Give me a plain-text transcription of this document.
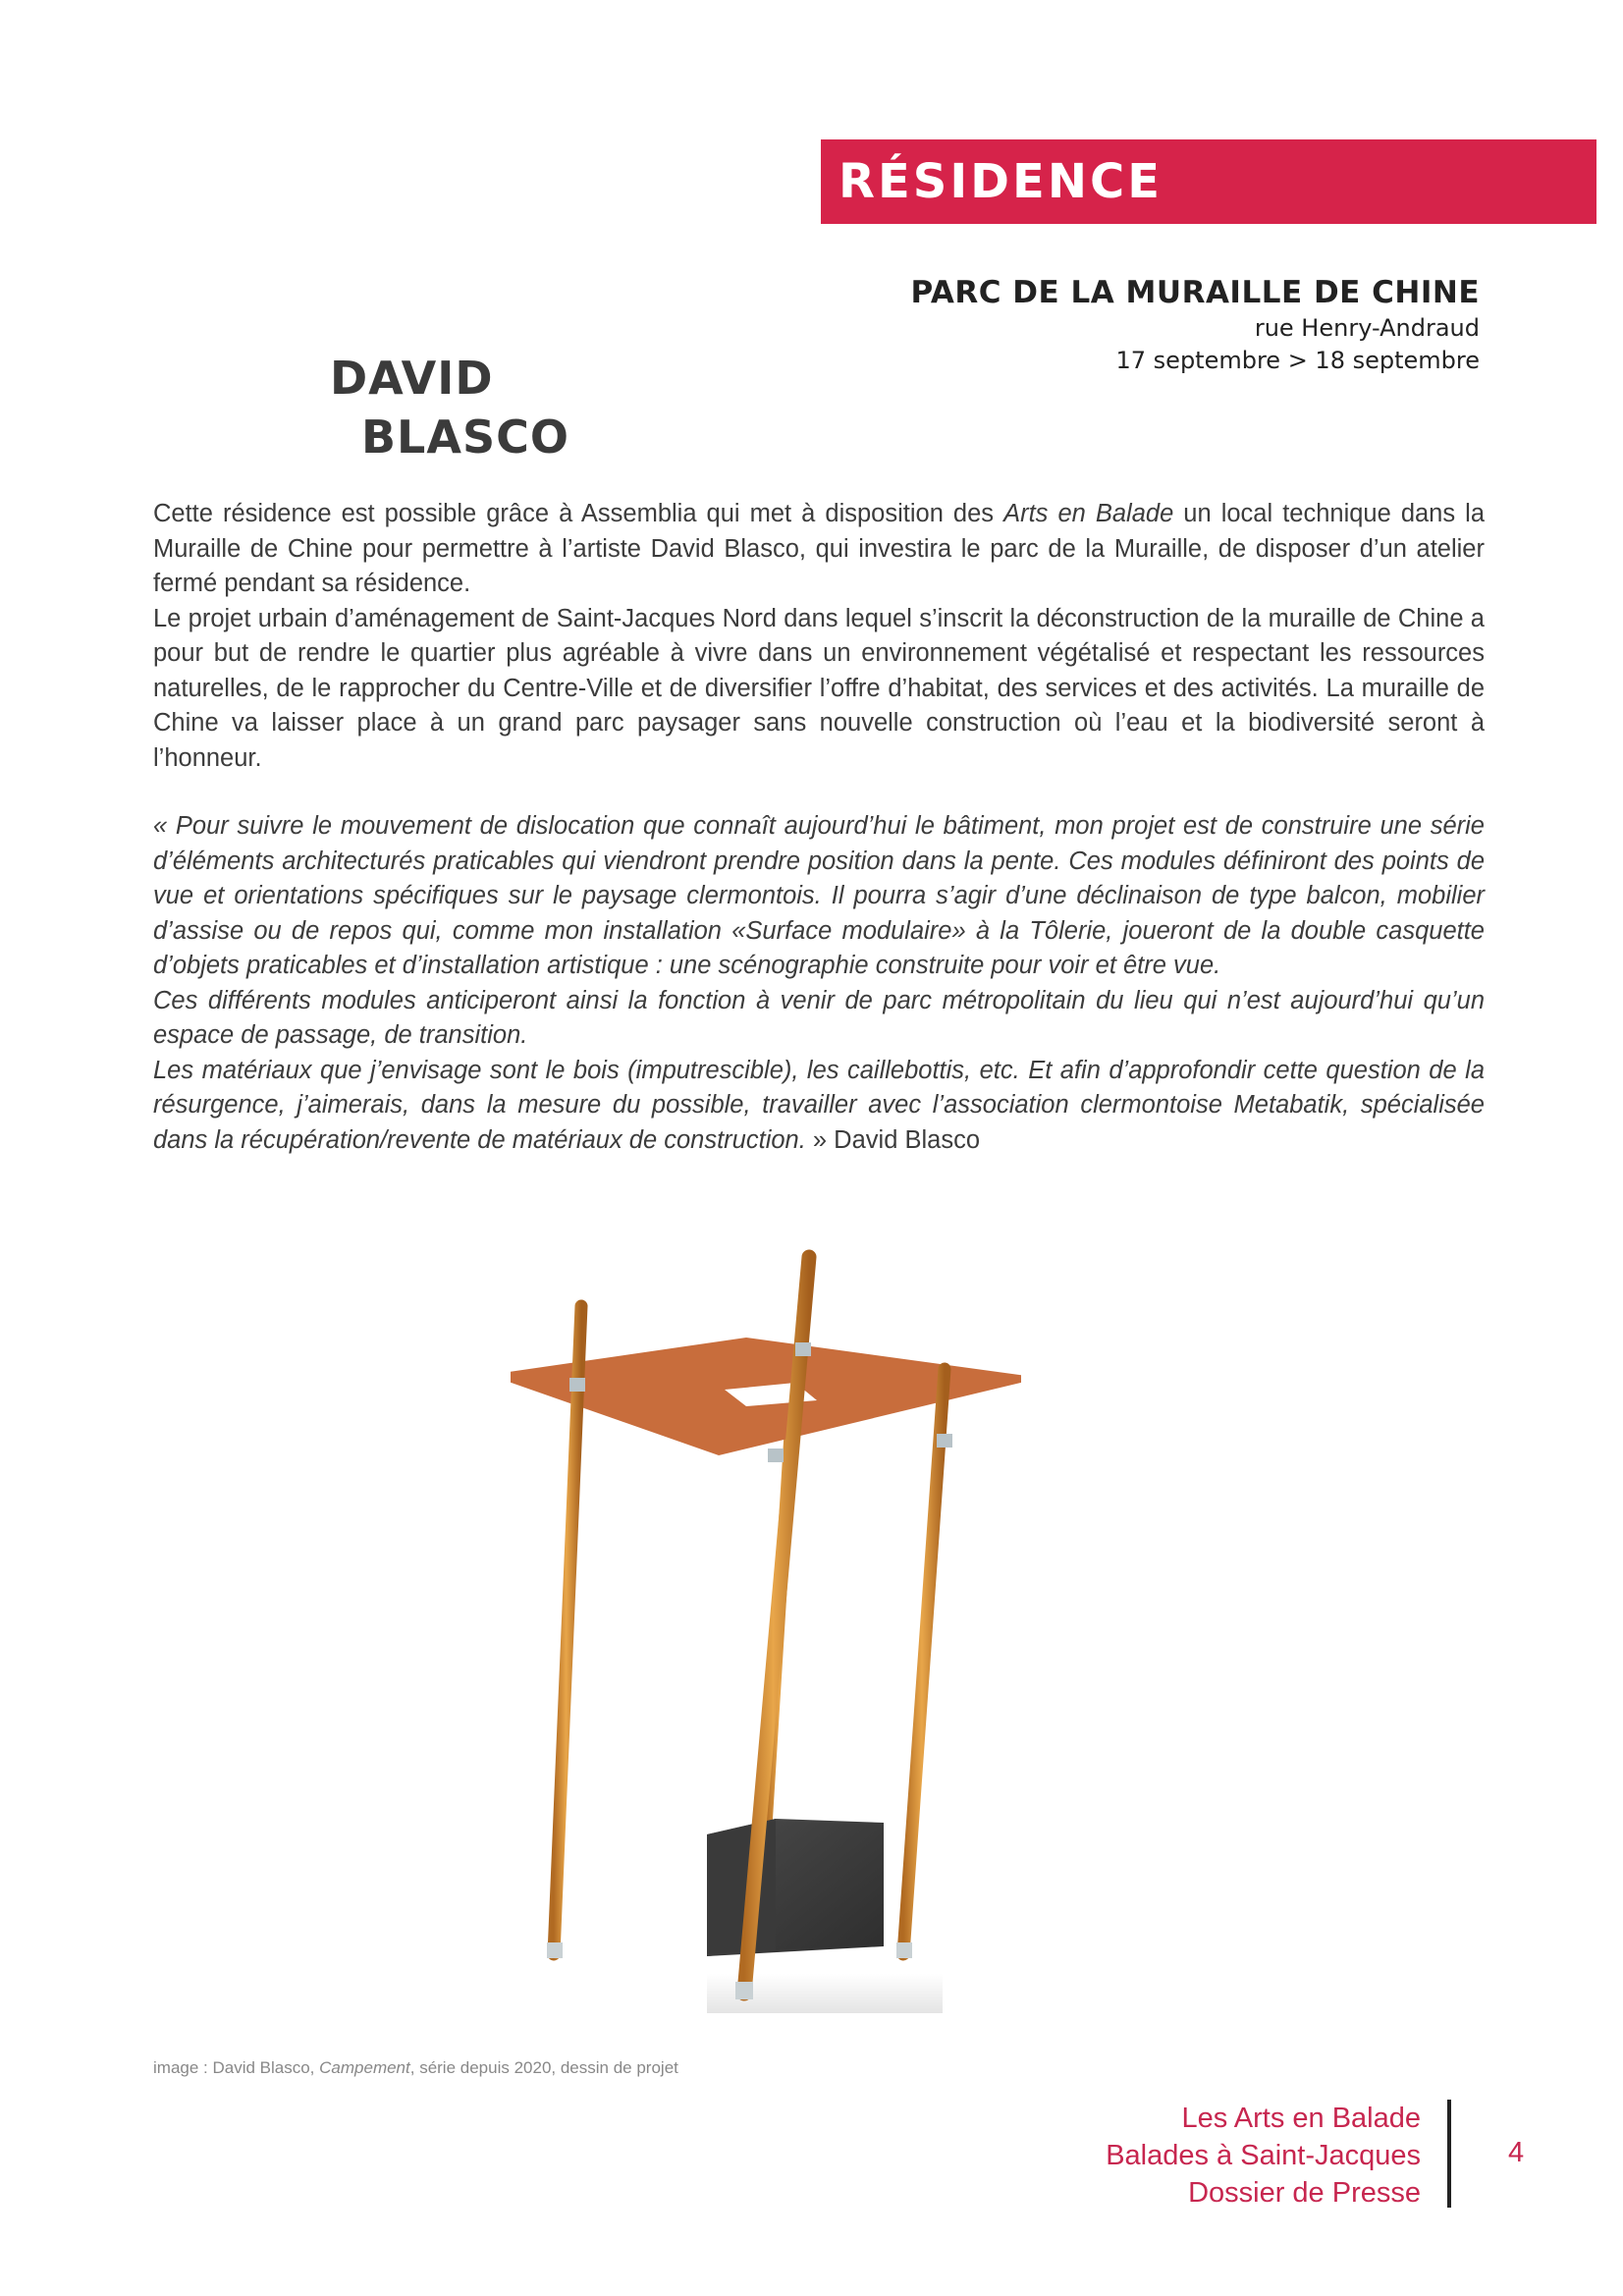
RÉSIDENCE
PARC DE LA MURAILLE DE CHINE
rue Henry-Andraud
17 septembre > 18 septembre
DAVID
BLASCO

Cette résidence est possible grâce à Assemblia qui met à disposition des Arts en Balade un local technique dans la Muraille de Chine pour permettre à l’artiste David Blasco, qui investira le parc de la Muraille, de disposer d’un atelier fermé pendant sa résidence.

Le projet urbain d’aménagement de Saint-Jacques Nord dans lequel s’inscrit la déconstruction de la muraille de Chine a pour but de rendre le quartier plus agréable à vivre dans un environnement végétalisé et respectant les ressources naturelles, de le rapprocher du Centre-Ville et de diversifier l’offre d’habitat, des services et des activités. La muraille de Chine va laisser place à un grand parc paysager sans nouvelle construction où l’eau et la biodiversité seront à l’honneur.

« Pour suivre le mouvement de dislocation que connaît aujourd’hui le bâtiment, mon projet est de construire une série d’éléments architecturés praticables qui viendront prendre position dans la pente. Ces modules définiront des points de vue et orientations spécifiques sur le paysage clermontois. Il pourra s’agir d’une déclinaison de type balcon, mobilier d’assise ou de repos qui, comme mon installation «Surface modulaire» à la Tôlerie, joueront de la double casquette d’objets praticables et d’installation artistique : une scénographie construite pour voir et être vue.

Ces différents modules anticiperont ainsi la fonction à venir de parc métropolitain du lieu qui n’est aujourd’hui qu’un espace de passage, de transition.

Les matériaux que j’envisage sont le bois (imputrescible), les caillebottis, etc. Et afin d’approfondir cette question de la résurgence, j’aimerais, dans la mesure du possible, travailler avec l’association clermontoise Metabatik, spécialisée dans la récupération/revente de matériaux de construction. » David Blasco

image : David Blasco, Campement, série depuis 2020, dessin de projet
Les Arts en Balade
Balades à Saint-Jacques
Dossier de Presse
4
